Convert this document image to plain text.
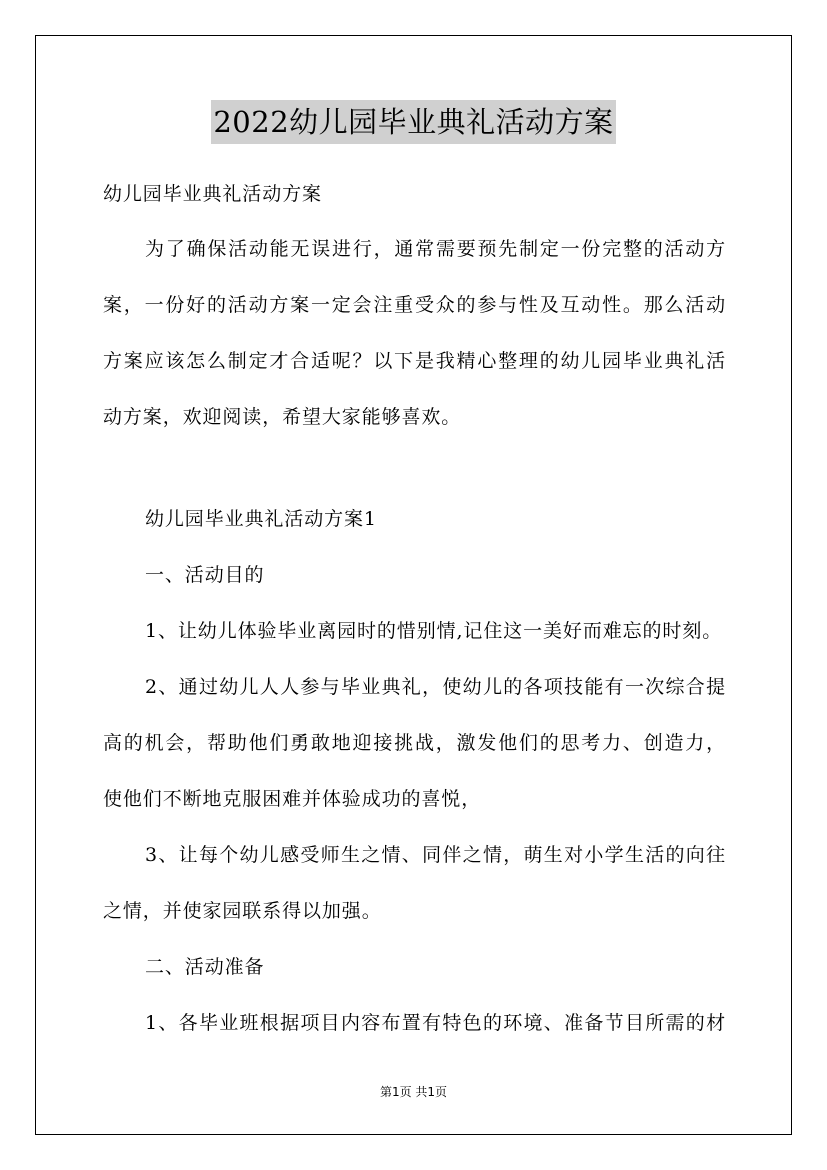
2022幼儿园毕业典礼活动方案
幼儿园毕业典礼活动方案
为了确保活动能无误进行，通常需要预先制定一份完整的活动方
案，一份好的活动方案一定会注重受众的参与性及互动性。那么活动
方案应该怎么制定才合适呢？以下是我精心整理的幼儿园毕业典礼活
动方案，欢迎阅读，希望大家能够喜欢。
幼儿园毕业典礼活动方案1
一、活动目的
1、让幼儿体验毕业离园时的惜别情,记住这一美好而难忘的时刻。
2、通过幼儿人人参与毕业典礼，使幼儿的各项技能有一次综合提
高的机会，帮助他们勇敢地迎接挑战，激发他们的思考力、创造力，
使他们不断地克服困难并体验成功的喜悦，
3、让每个幼儿感受师生之情、同伴之情，萌生对小学生活的向往
之情，并使家园联系得以加强。
二、活动准备
1、各毕业班根据项目内容布置有特色的环境、准备节目所需的材
第1页 共1页
